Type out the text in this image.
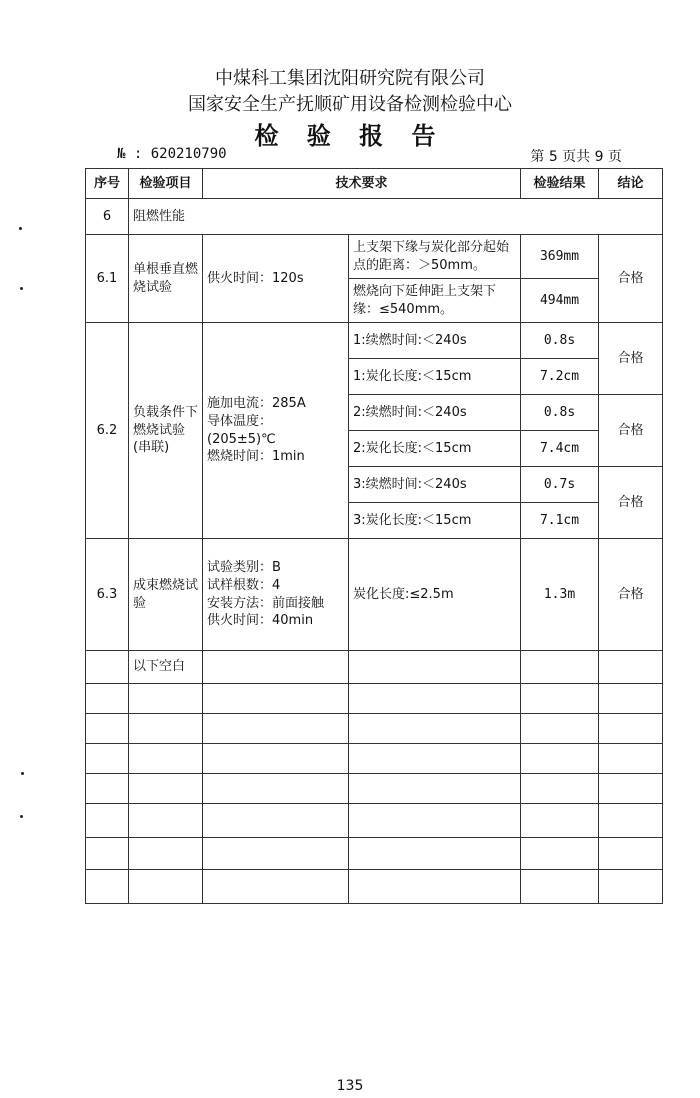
中煤科工集团沈阳研究院有限公司
国家安全生产抚顺矿用设备检测检验中心
检 验 报 告
№ : 620210790	第 5 页共 9 页
序号	检验项目	技术要求		检验结果	结论
6	阻燃性能				
6.1	单根垂直燃烧试验	供火时间：120s	上支架下缘与炭化部分起始点的距离：＞50mm。	369mm	合格
			燃烧向下延伸距上支架下缘：≤540mm。	494mm	
6.2	负载条件下燃烧试验(串联)	施加电流：285A
导体温度：
(205±5)℃
燃烧时间：1min	1:续燃时间:＜240s	0.8s	合格
			1:炭化长度:＜15cm	7.2cm	
			2:续燃时间:＜240s	0.8s	合格
			2:炭化长度:＜15cm	7.4cm	
			3:续燃时间:＜240s	0.7s	合格
			3:炭化长度:＜15cm	7.1cm	
6.3	成束燃烧试验	试验类别：B
试样根数：4
安装方法：前面接触
供火时间：40min	炭化长度:≤2.5m	1.3m	合格
	以下空白				

135
